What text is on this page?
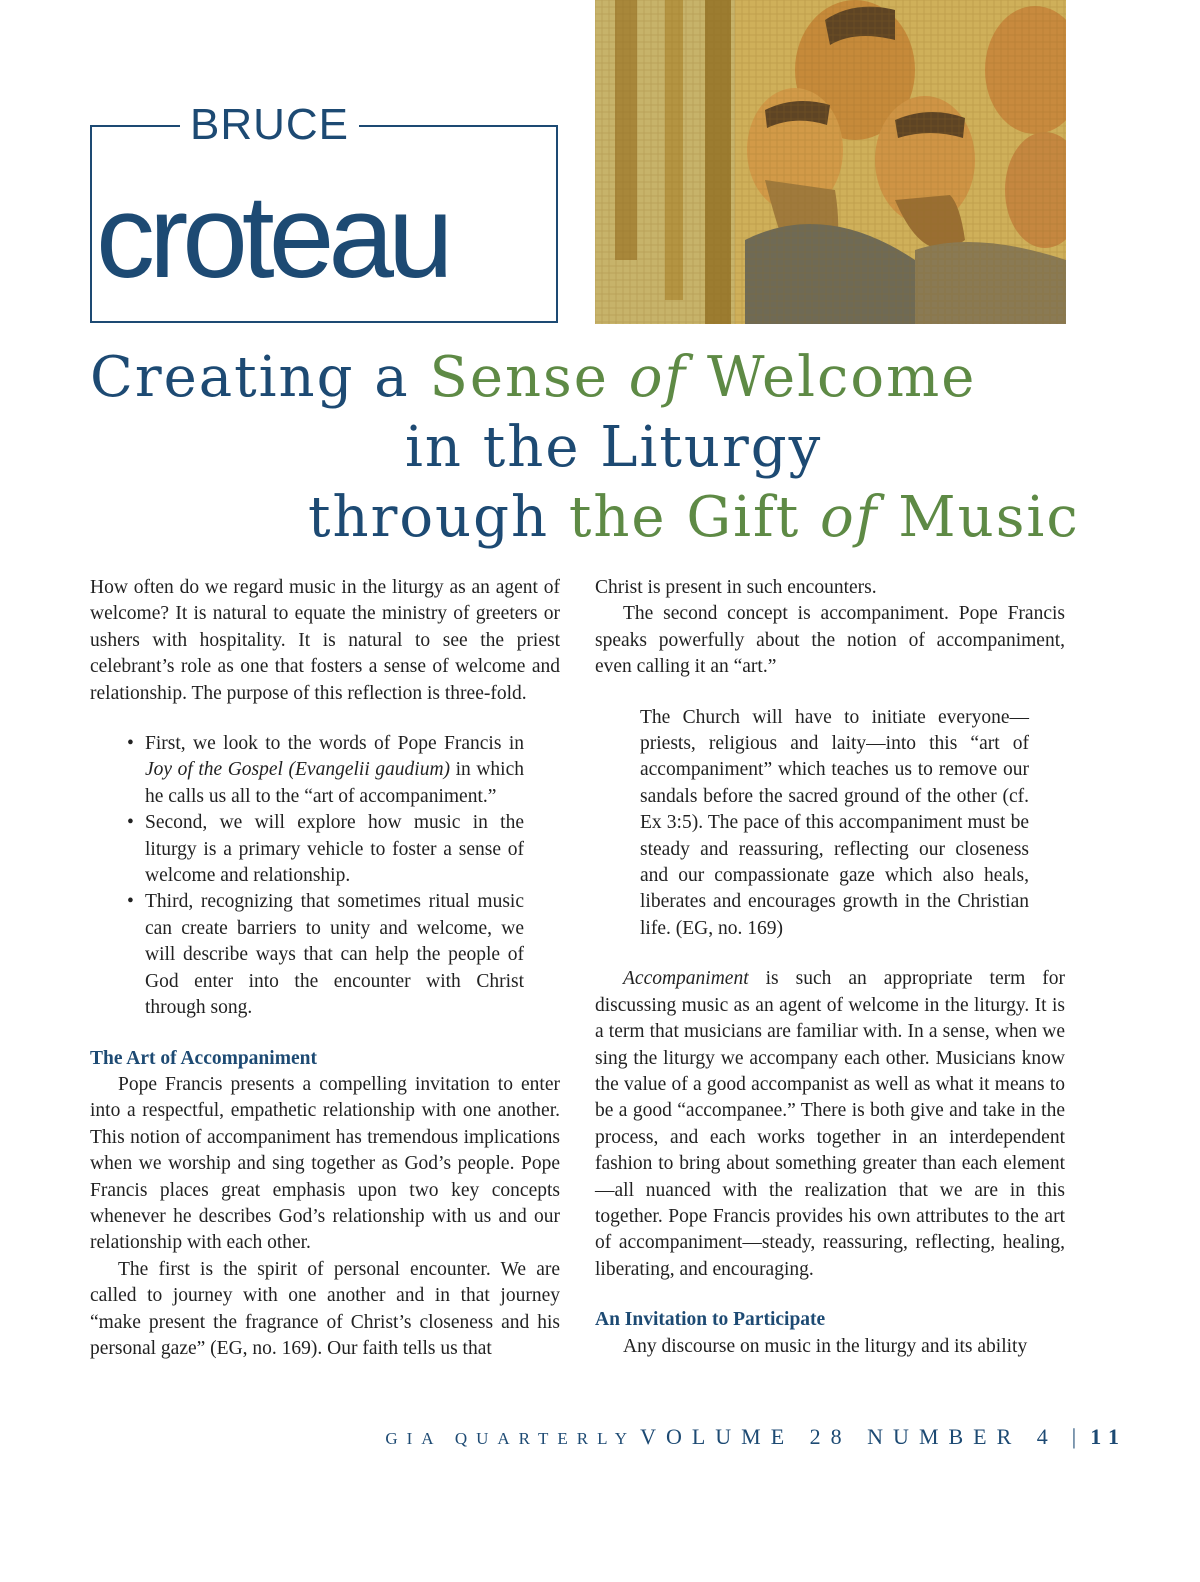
BRUCE
croteau
Creating a Sense of Welcome
in the Liturgy
through the Gift of Music

How often do we regard music in the liturgy as an agent of welcome? It is natural to equate the ministry of greeters or ushers with hospitality. It is natural to see the priest celebrant’s role as one that fosters a sense of welcome and relationship. The purpose of this reflection is three-fold.

• First, we look to the words of Pope Francis in Joy of the Gospel (Evangelii gaudium) in which he calls us all to the “art of accompaniment.”
• Second, we will explore how music in the liturgy is a primary vehicle to foster a sense of welcome and relationship.
• Third, recognizing that sometimes ritual music can create barriers to unity and welcome, we will describe ways that can help the people of God enter into the encounter with Christ through song.

The Art of Accompaniment

Pope Francis presents a compelling invitation to enter into a respectful, empathetic relationship with one another. This notion of accompaniment has tremendous implications when we worship and sing together as God’s people. Pope Francis places great emphasis upon two key concepts whenever he describes God’s relationship with us and our relationship with each other.

The first is the spirit of personal encounter. We are called to journey with one another and in that journey “make present the fragrance of Christ’s closeness and his personal gaze” (EG, no. 169). Our faith tells us that

Christ is present in such encounters.

The second concept is accompaniment. Pope Francis speaks powerfully about the notion of accompaniment, even calling it an “art.”

The Church will have to initiate everyone—priests, religious and laity—into this “art of accompaniment” which teaches us to remove our sandals before the sacred ground of the other (cf. Ex 3:5). The pace of this accompaniment must be steady and reassuring, reflecting our closeness and our compassionate gaze which also heals, liberates and encourages growth in the Christian life. (EG, no. 169)

Accompaniment is such an appropriate term for discussing music as an agent of welcome in the liturgy. It is a term that musicians are familiar with. In a sense, when we sing the liturgy we accompany each other. Musicians know the value of a good accompanist as well as what it means to be a good “accompanee.” There is both give and take in the process, and each works together in an interdependent fashion to bring about something greater than each element—all nuanced with the realization that we are in this together. Pope Francis provides his own attributes to the art of accompaniment—steady, reassuring, reflecting, healing, liberating, and encouraging.

An Invitation to Participate

Any discourse on music in the liturgy and its ability

GIA QUARTERLY VOLUME 28 NUMBER 4 | 11
